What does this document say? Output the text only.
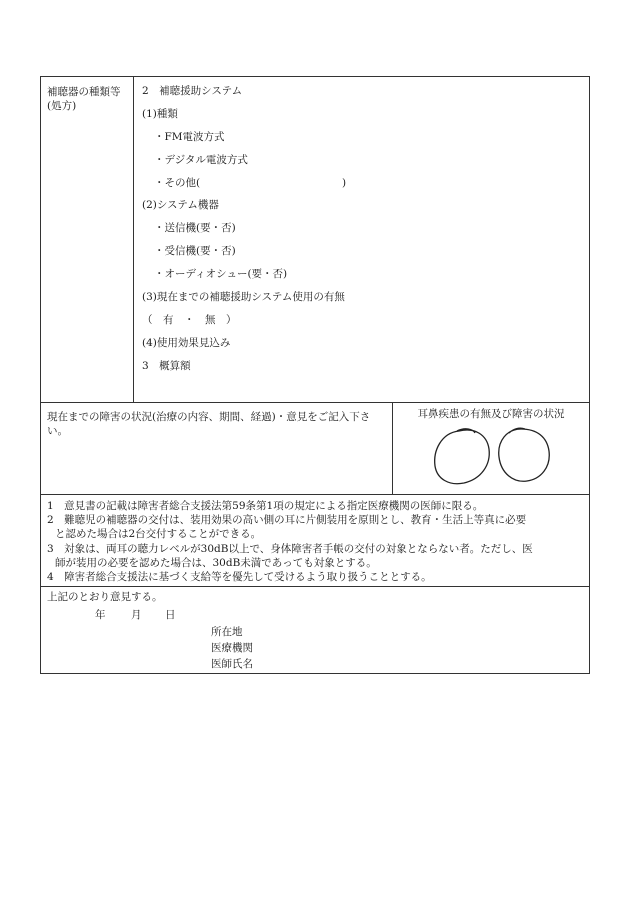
補聴器の種類等
(処方)
2　補聴援助システム
(1)種類
・FM電波方式
・デジタル電波方式
・その他(	)
(2)システム機器
・送信機(要・否)
・受信機(要・否)
・オーディオシュー(要・否)
(3)現在までの補聴援助システム使用の有無
（　有　・　無　）
(4)使用効果見込み
3　概算額
現在までの障害の状況(治療の内容、期間、経過)・意見をご記入下さい。
耳鼻疾患の有無及び障害の状況
1　意見書の記載は障害者総合支援法第59条第1項の規定による指定医療機関の医師に限る。
2　難聴児の補聴器の交付は、装用効果の高い側の耳に片側装用を原則とし、教育・生活上等真に必要
と認めた場合は2台交付することができる。
3　対象は、両耳の聴力レベルが30dB以上で、身体障害者手帳の交付の対象とならない者。ただし、医
師が装用の必要を認めた場合は、30dB未満であっても対象とする。
4　障害者総合支援法に基づく支給等を優先して受けるよう取り扱うこととする。
上記のとおり意見する。
年 月 日
所在地
医療機関
医師氏名
